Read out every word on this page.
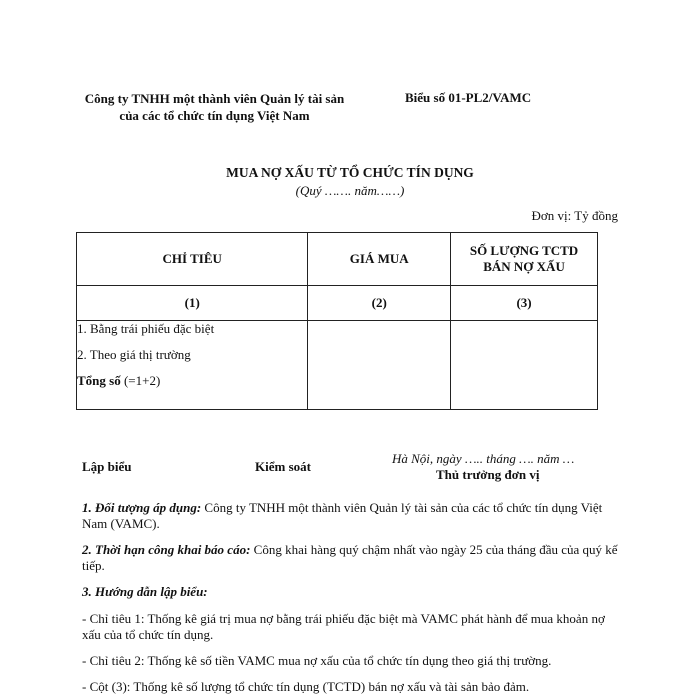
Công ty TNHH một thành viên Quản lý tài sản của các tổ chức tín dụng Việt Nam
Biểu số 01-PL2/VAMC
MUA NỢ XẤU TỪ TỔ CHỨC TÍN DỤNG
(Quý ……. năm……)
Đơn vị: Tỷ đồng
CHỈ TIÊU	GIÁ MUA	SỐ LƯỢNG TCTD BÁN NỢ XẤU

(1)	(2)	(3)

1. Bằng trái phiếu đặc biệt
2. Theo giá thị trường
Tổng số (=1+2)		

Lập biểu	Kiểm soát
Hà Nội, ngày ….. tháng …. năm …
Thủ trưởng đơn vị
1. Đối tượng áp dụng: Công ty TNHH một thành viên Quản lý tài sản của các tổ chức tín dụng Việt Nam (VAMC).
2. Thời hạn công khai báo cáo: Công khai hàng quý chậm nhất vào ngày 25 của tháng đầu của quý kế tiếp.
3. Hướng dẫn lập biểu:
- Chỉ tiêu 1: Thống kê giá trị mua nợ bằng trái phiếu đặc biệt mà VAMC phát hành để mua khoản nợ xấu của tổ chức tín dụng.
- Chỉ tiêu 2: Thống kê số tiền VAMC mua nợ xấu của tổ chức tín dụng theo giá thị trường.
- Cột (3): Thống kê số lượng tổ chức tín dụng (TCTD) bán nợ xấu và tài sản bảo đảm.
